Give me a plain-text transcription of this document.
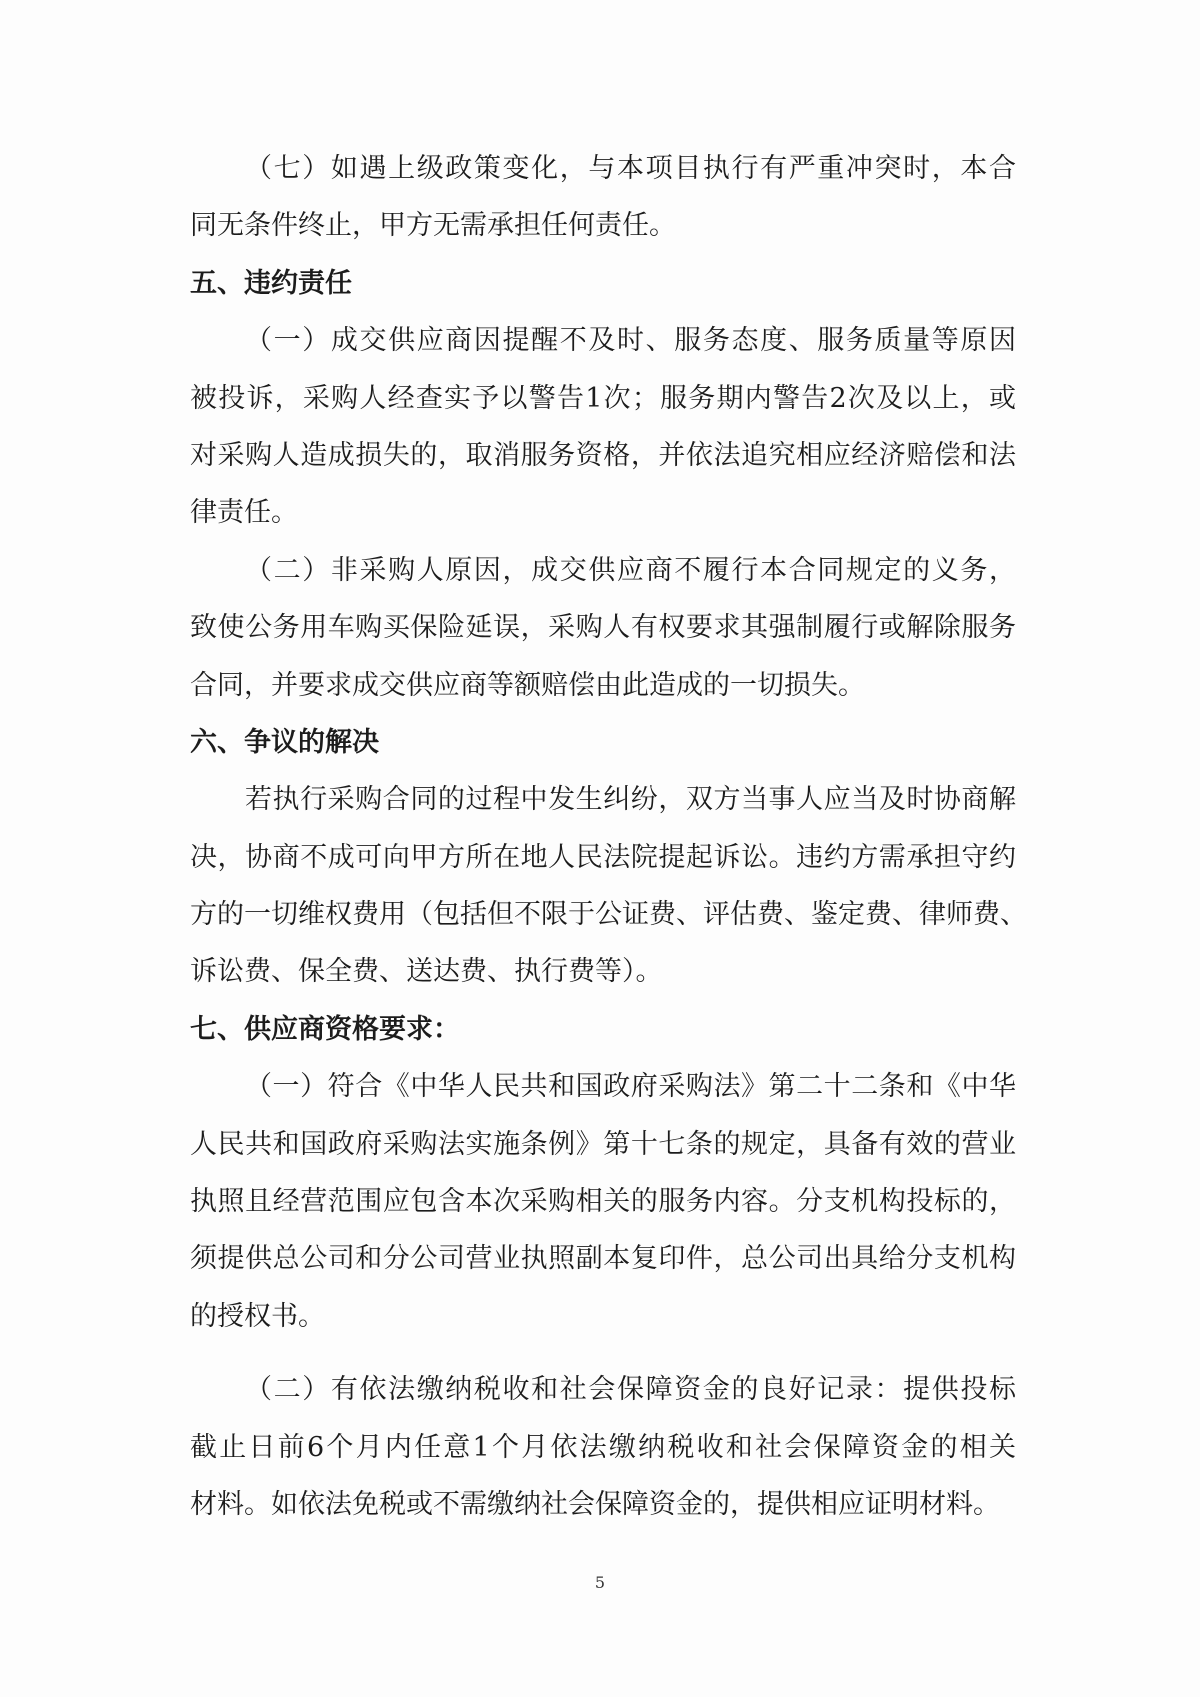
（七）如遇上级政策变化，与本项目执行有严重冲突时，本合
同无条件终止，甲方无需承担任何责任。
五、违约责任
（一）成交供应商因提醒不及时、服务态度、服务质量等原因
被投诉，采购人经查实予以警告1次；服务期内警告2次及以上，或
对采购人造成损失的，取消服务资格，并依法追究相应经济赔偿和法
律责任。
（二）非采购人原因，成交供应商不履行本合同规定的义务，
致使公务用车购买保险延误，采购人有权要求其强制履行或解除服务
合同，并要求成交供应商等额赔偿由此造成的一切损失。
六、争议的解决
若执行采购合同的过程中发生纠纷，双方当事人应当及时协商解
决，协商不成可向甲方所在地人民法院提起诉讼。违约方需承担守约
方的一切维权费用（包括但不限于公证费、评估费、鉴定费、律师费、
诉讼费、保全费、送达费、执行费等）。
七、供应商资格要求：
（一）符合《中华人民共和国政府采购法》第二十二条和《中华
人民共和国政府采购法实施条例》第十七条的规定，具备有效的营业
执照且经营范围应包含本次采购相关的服务内容。分支机构投标的，
须提供总公司和分公司营业执照副本复印件，总公司出具给分支机构
的授权书。
（二）有依法缴纳税收和社会保障资金的良好记录：提供投标
截止日前6个月内任意1个月依法缴纳税收和社会保障资金的相关
材料。如依法免税或不需缴纳社会保障资金的，提供相应证明材料。
5
